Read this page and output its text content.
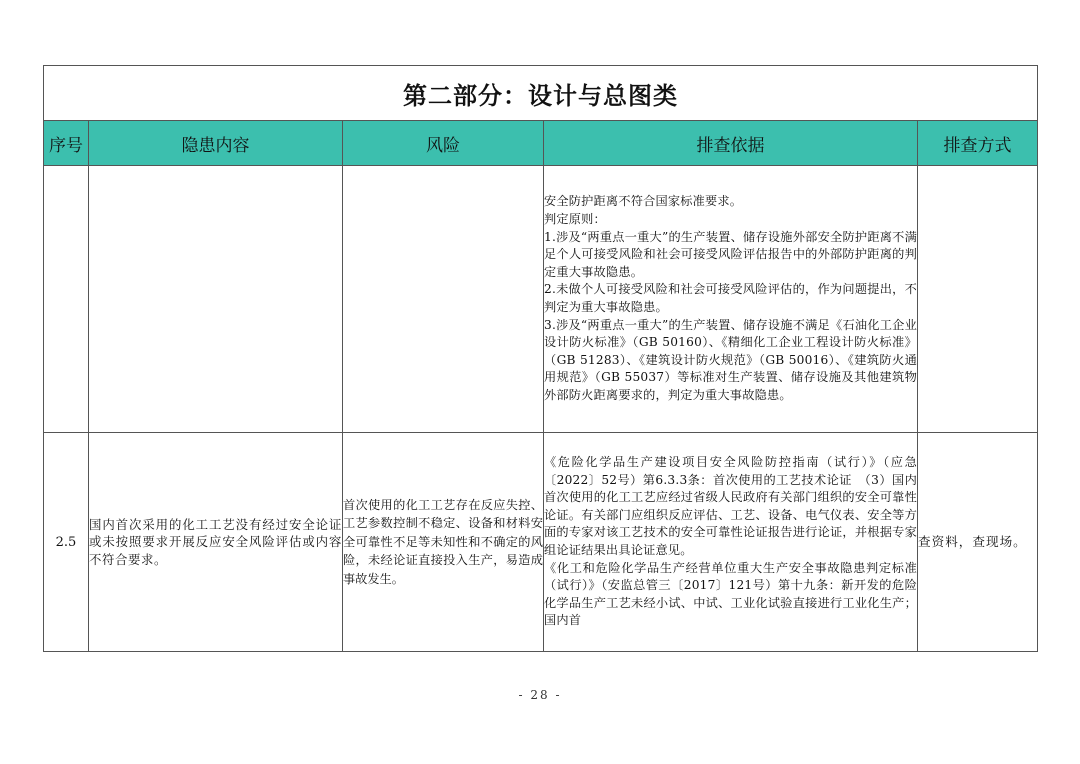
第二部分：设计与总图类				
序号	隐患内容	风险	排查依据	排查方式

			安全防护距离不符合国家标准要求。

判定原则：

1.涉及“两重点一重大”的生产装置、储存设施外部安全防护距离不满足个人可接受风险和社会可接受风险评估报告中的外部防护距离的判定重大事故隐患。

2.未做个人可接受风险和社会可接受风险评估的，作为问题提出，不判定为重大事故隐患。

3.涉及“两重点一重大”的生产装置、储存设施不满足《石油化工企业设计防火标准》（GB 50160）、《精细化工企业工程设计防火标准》（GB 51283）、《建筑设计防火规范》（GB 50016）、《建筑防火通用规范》（GB 55037）等标准对生产装置、储存设施及其他建筑物外部防火距离要求的，判定为重大事故隐患。	

2.5	国内首次采用的化工工艺没有经过安全论证或未按照要求开展反应安全风险评估或内容不符合要求。	首次使用的化工工艺存在反应失控、工艺参数控制不稳定、设备和材料安全可靠性不足等未知性和不确定的风险，未经论证直接投入生产，易造成事故发生。	《危险化学品生产建设项目安全风险防控指南（试行）》（应急〔2022〕52号）第6.3.3条：首次使用的工艺技术论证　（3）国内首次使用的化工工艺应经过省级人民政府有关部门组织的安全可靠性论证。有关部门应组织反应评估、工艺、设备、电气仪表、安全等方面的专家对该工艺技术的安全可靠性论证报告进行论证，并根据专家组论证结果出具论证意见。

《化工和危险化学品生产经营单位重大生产安全事故隐患判定标准（试行）》（安监总管三〔2017〕121号）第十九条：新开发的危险化学品生产工艺未经小试、中试、工业化试验直接进行工业化生产；国内首	查资料，查现场。
- 28 -
